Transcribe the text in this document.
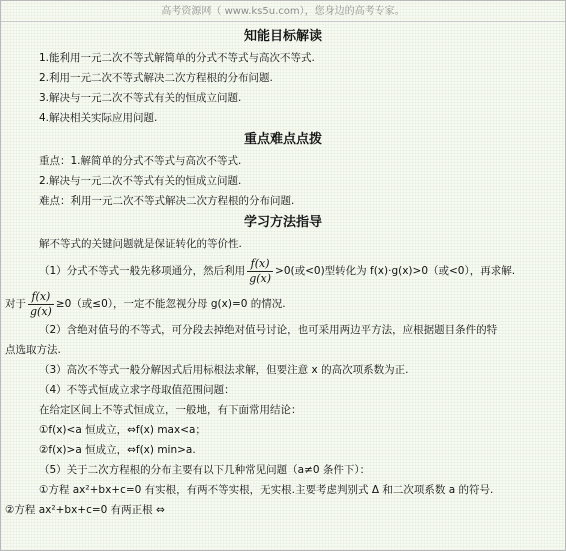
高考资源网（ www.ks5u.com），您身边的高考专家。
知能目标解读
1.能利用一元二次不等式解简单的分式不等式与高次不等式.
2.利用一元二次不等式解决二次方程根的分布问题.
3.解决与一元二次不等式有关的恒成立问题.
4.解决相关实际应用问题.
重点难点点拨
重点：1.解简单的分式不等式与高次不等式.
2.解决与一元二次不等式有关的恒成立问题.
难点：利用一元二次不等式解决二次方程根的分布问题.
学习方法指导
解不等式的关键问题就是保证转化的等价性.
（1）分式不等式一般先移项通分，然后利用 $\frac{f(x)}{g(x)} >0$(或<0)型转化为 f(x)·g(x)>0（或<0），再求解.
对于 $\frac{f(x)}{g(x)} \ge 0$（或≤0），一定不能忽视分母 g(x)=0 的情况.
（2）含绝对值号的不等式，可分段去掉绝对值号讨论，也可采用两边平方法，应根据题目条件的特
点选取方法.
（3）高次不等式一般分解因式后用标根法求解，但要注意 x 的高次项系数为正.
（4）不等式恒成立求字母取值范围问题：
在给定区间上不等式恒成立，一般地，有下面常用结论：
①f(x)<a 恒成立，⇔f(x) max<a；
②f(x)>a 恒成立，⇔f(x) min>a.
（5）关于二次方程根的分布主要有以下几种常见问题（a≠0 条件下）：
①方程 ax²+bx+c=0 有实根，有两不等实根，无实根.主要考虑判别式 Δ 和二次项系数 a 的符号.
②方程 ax²+bx+c=0 有两正根 ⇔
